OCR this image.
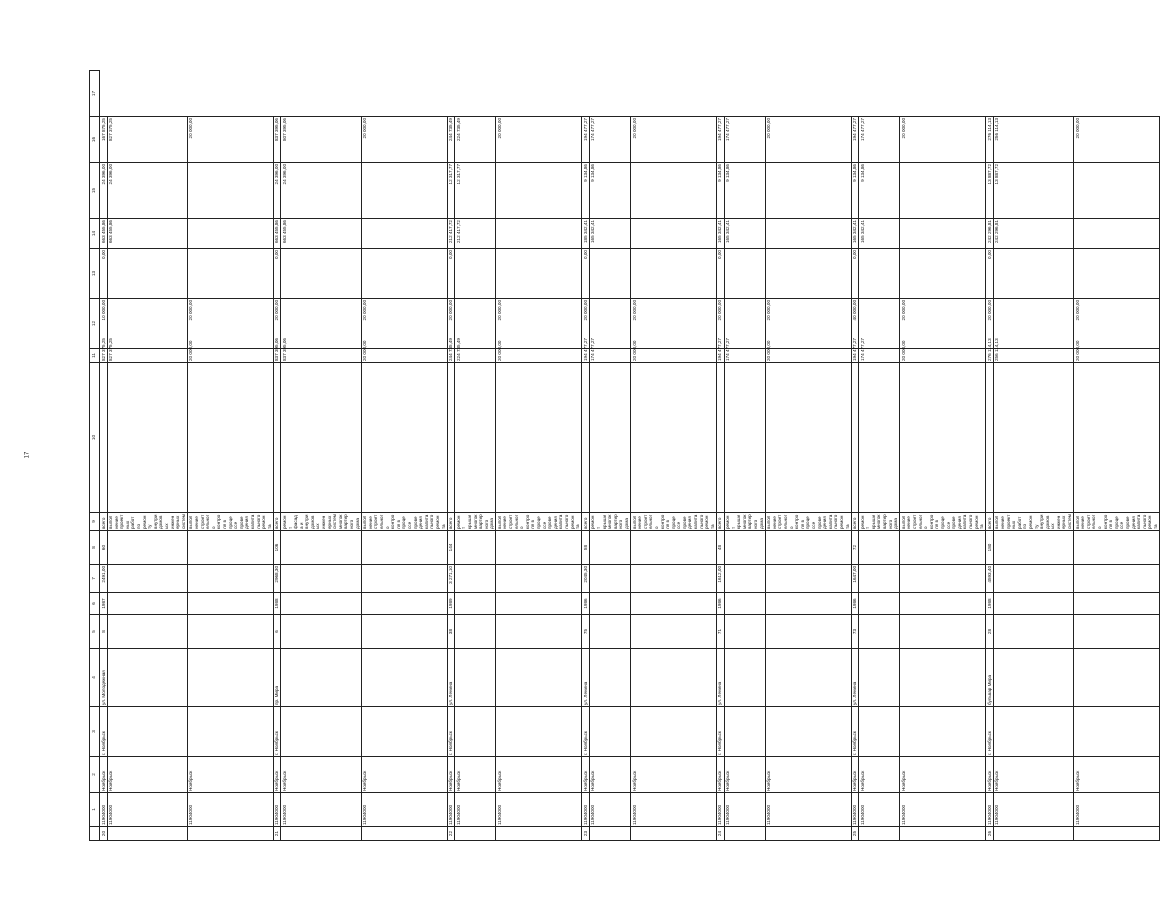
17
	1	2	3	4	5	6	7	8	9	10	11	12	13	14	15	16	17
20	11904000	Ноябрьск	г. Ноябрьск	ул. Молодежная	8	1987	2491,00	60	всего		827 375,25	10 000,00	0,00	663 455,86	24 396,00	167 875,25	
	11904000	Ноябрьск							выполнение проектных работ по ремонту внутридомовых инженерных систем		827 375,25			663 455,86	24 396,00	827 375,25	
	11904000	Ноябрьск							выполнение строительного контроля в процессе проведения капитального ремонта		20 000,00	20 000,00				20 000,00	
21	11904000	Ноябрьск	г. Ноябрьск	пр. Мира	6	1988	2968,30	106	всего		837 395,06	20 000,00	0,00	663 455,86	24 396,00	837 395,06	
	11904000	Ноябрьск							ремонт фасада и внутридомовых инженерных систем многоквартирного дома		837 395,06			663 455,86	24 396,00	807 395,06	
	11904000	Ноябрьск							выполнение строительного контроля в процессе проведения капитального ремонта		20 000,00	20 000,00				20 000,00	
22	11904000	Ноябрьск	г. Ноябрьск	ул. Ленина	38	1989	3 271,10	144	всего		244 735,49	20 000,00	0,00	212 417,72	12 317,77	244 735,49	
	11904000	Ноябрьск							ремонт крыши многоквартирного дома		224 735,49			212 417,72	12 317,77	224 735,49	
	11904000	Ноябрьск							выполнение строительного контроля в процессе проведения капитального ремонта		20 000,00	20 000,00				20 000,00	
23	11904000	Ноябрьск	г. Ноябрьск	ул. Ленина	75	1986	2045,30	58	всего		194 477,27	20 000,00	0,00	185 342,41	9 134,86	194 477,27	
	11904000	Ноябрьск							ремонт крыши многоквартирного дома		174 477,27			165 342,41	9 134,86	174 477,27	
	11904000	Ноябрьск							выполнение строительного контроля в процессе проведения капитального ремонта		20 000,00	20 000,00				20 000,00	
24	11904000	Ноябрьск	г. Ноябрьск	ул. Ленина	71	1986	1612,00	48	всего		194 477,27	20 000,00	0,00	165 342,41	9 134,86	194 477,27	
	11904000	Ноябрьск							ремонт крыши многоквартирного дома		174 477,27			165 342,41	9 134,86	174 477,27	
	11904000	Ноябрьск							выполнение строительного контроля в процессе проведения капитального ремонта		20 000,00	20 000,00				20 000,00	
25	11904000	Ноябрьск	г. Ноябрьск	ул. Ленина	73	1986	1647,00	72	всего		194 477,27	40 000,00	0,00	165 342,41	9 134,86	194 477,27	
	11904000	Ноябрьск							ремонт крыши многоквартирного дома		174 477,27			165 342,41	9 134,86	174 477,27	
	11904000	Ноябрьск							выполнение строительного контроля в процессе проведения капитального ремонта		20 000,00	20 000,00				20 000,00	
26	11904000	Ноябрьск	г. Ноябрьск	бульвар Мира	28	1988	4593,40	180	всего		276 114,13	20 000,00	0,00	242 296,81	13 887,72	276 114,13	
	11904000	Ноябрьск							выполнение проектных работ по ремонту внутридомовых инженерных систем		256 114,13			242 296,81	13 887,72	256 114,13	
	11904000	Ноябрьск							выполнение строительного контроля в процессе проведения капитального ремонта		20 000,00	20 000,00				20 000,00	
